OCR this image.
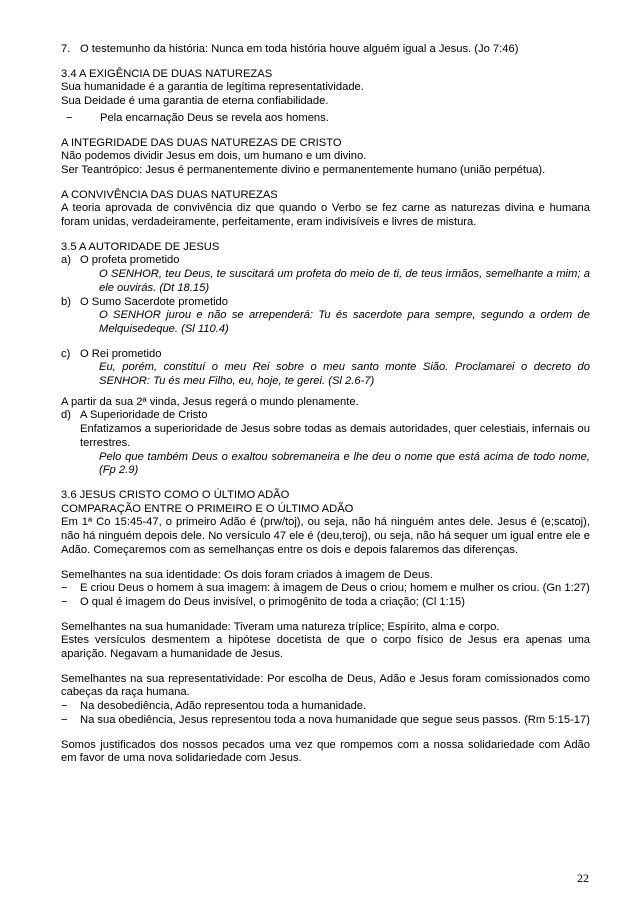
7. O testemunho da história: Nunca em toda história houve alguém igual a Jesus. (Jo 7:46)

3.4 A EXIGÊNCIA DE DUAS NATUREZAS

Sua humanidade é a garantia de legítima representatividade.

Sua Deidade é uma garantia de eterna confiabilidade.

−	Pela encarnação Deus se revela aos homens.

A INTEGRIDADE DAS DUAS NATUREZAS DE CRISTO

Não podemos dividir Jesus em dois, um humano e um divino.

Ser Teantrópico: Jesus é permanentemente divino e permanentemente humano (união perpétua).

A CONVIVÊNCIA DAS DUAS NATUREZAS

A teoria aprovada de convivência diz que quando o Verbo se fez carne as naturezas divina e humana foram unidas, verdadeiramente, perfeitamente, eram indivisíveis e livres de mistura.

3.5 A AUTORIDADE DE JESUS

a) O profeta prometido

O SENHOR, teu Deus, te suscitará um profeta do meio de ti, de teus irmãos, semelhante a mim; a ele ouvirás. (Dt 18.15)

b) O Sumo Sacerdote prometido

O SENHOR jurou e não se arrependerá: Tu és sacerdote para sempre, segundo a ordem de Melquisedeque. (Sl 110.4)

c) O Rei prometido

Eu, porém, constituí o meu Rei sobre o meu santo monte Sião. Proclamarei o decreto do SENHOR: Tu és meu Filho, eu, hoje, te gerei. (Sl 2.6-7)

A partir da sua 2ª vinda, Jesus regerá o mundo plenamente.

d) A Superioridade de Cristo

Enfatizamos a superioridade de Jesus sobre todas as demais autoridades, quer celestiais, infernais ou terrestres.

Pelo que também Deus o exaltou sobremaneira e lhe deu o nome que está acima de todo nome, (Fp 2.9)

3.6 JESUS CRISTO COMO O ÚLTIMO ADÃO

COMPARAÇÃO ENTRE O PRIMEIRO E O ÚLTIMO ADÃO

Em 1ª Co 15:45-47, o primeiro Adão é (prw/toj), ou seja, não há ninguém antes dele. Jesus é (e;scatoj), não há ninguém depois dele. No versículo 47 ele é (deu,teroj), ou seja, não há sequer um igual entre ele e Adão. Começaremos com as semelhanças entre os dois e depois falaremos das diferenças.

Semelhantes na sua identidade: Os dois foram criados à imagem de Deus.

−	E criou Deus o homem à sua imagem: à imagem de Deus o criou; homem e mulher os criou. (Gn 1:27)
−	O qual é imagem do Deus invisível, o primogênito de toda a criação; (Cl 1:15)

Semelhantes na sua humanidade: Tiveram uma natureza tríplice; Espírito, alma e corpo.

Estes versículos desmentem a hipótese docetista de que o corpo físico de Jesus era apenas uma aparição. Negavam a humanidade de Jesus.

Semelhantes na sua representatividade: Por escolha de Deus, Adão e Jesus foram comissionados como cabeças da raça humana.

−	Na desobediência, Adão representou toda a humanidade.
−	Na sua obediência, Jesus representou toda a nova humanidade que segue seus passos. (Rm 5:15-17)

Somos justificados dos nossos pecados uma vez que rompemos com a nossa solidariedade com Adão em favor de uma nova solidariedade com Jesus.

22
